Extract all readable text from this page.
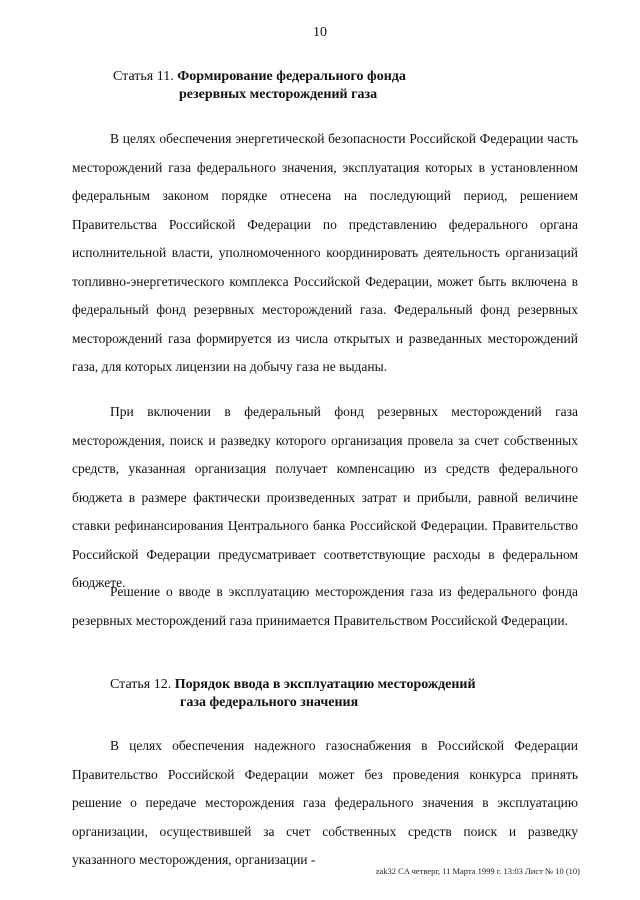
10
Статья 11. Формирование федерального фонда
резервных месторождений газа

В целях обеспечения энергетической безопасности Российской Федерации часть месторождений газа федерального значения, эксплуатация которых в установленном федеральным законом порядке отнесена на последующий период, решением Правительства Российской Федерации по представлению федерального органа исполнительной власти, уполномоченного координировать деятельность организаций топливно-энергетического комплекса Российской Федерации, может быть включена в федеральный фонд резервных месторождений газа. Федеральный фонд резервных месторождений газа формируется из числа открытых и разведанных месторождений газа, для которых лицензии на добычу газа не выданы.

При включении в федеральный фонд резервных месторождений газа месторождения, поиск и разведку которого организация провела за счет собственных средств, указанная организация получает компенсацию из средств федерального бюджета в размере фактически произведенных затрат и прибыли, равной величине ставки рефинансирования Центрального банка Российской Федерации. Правительство Российской Федерации предусматривает соответствующие расходы в федеральном бюджете.

Решение о вводе в эксплуатацию месторождения газа из федерального фонда резервных месторождений газа принимается Правительством Российской Федерации.

Статья 12. Порядок ввода в эксплуатацию месторождений
газа федерального значения

В целях обеспечения надежного газоснабжения в Российской Федерации Правительство Российской Федерации может без проведения конкурса принять решение о передаче месторождения газа федерального значения в эксплуатацию организации, осуществившей за счет собственных средств поиск и разведку указанного месторождения, организации -

zak32 CA четверг, 11 Марта 1999 г. 13:03 Лист № 10 (10)
